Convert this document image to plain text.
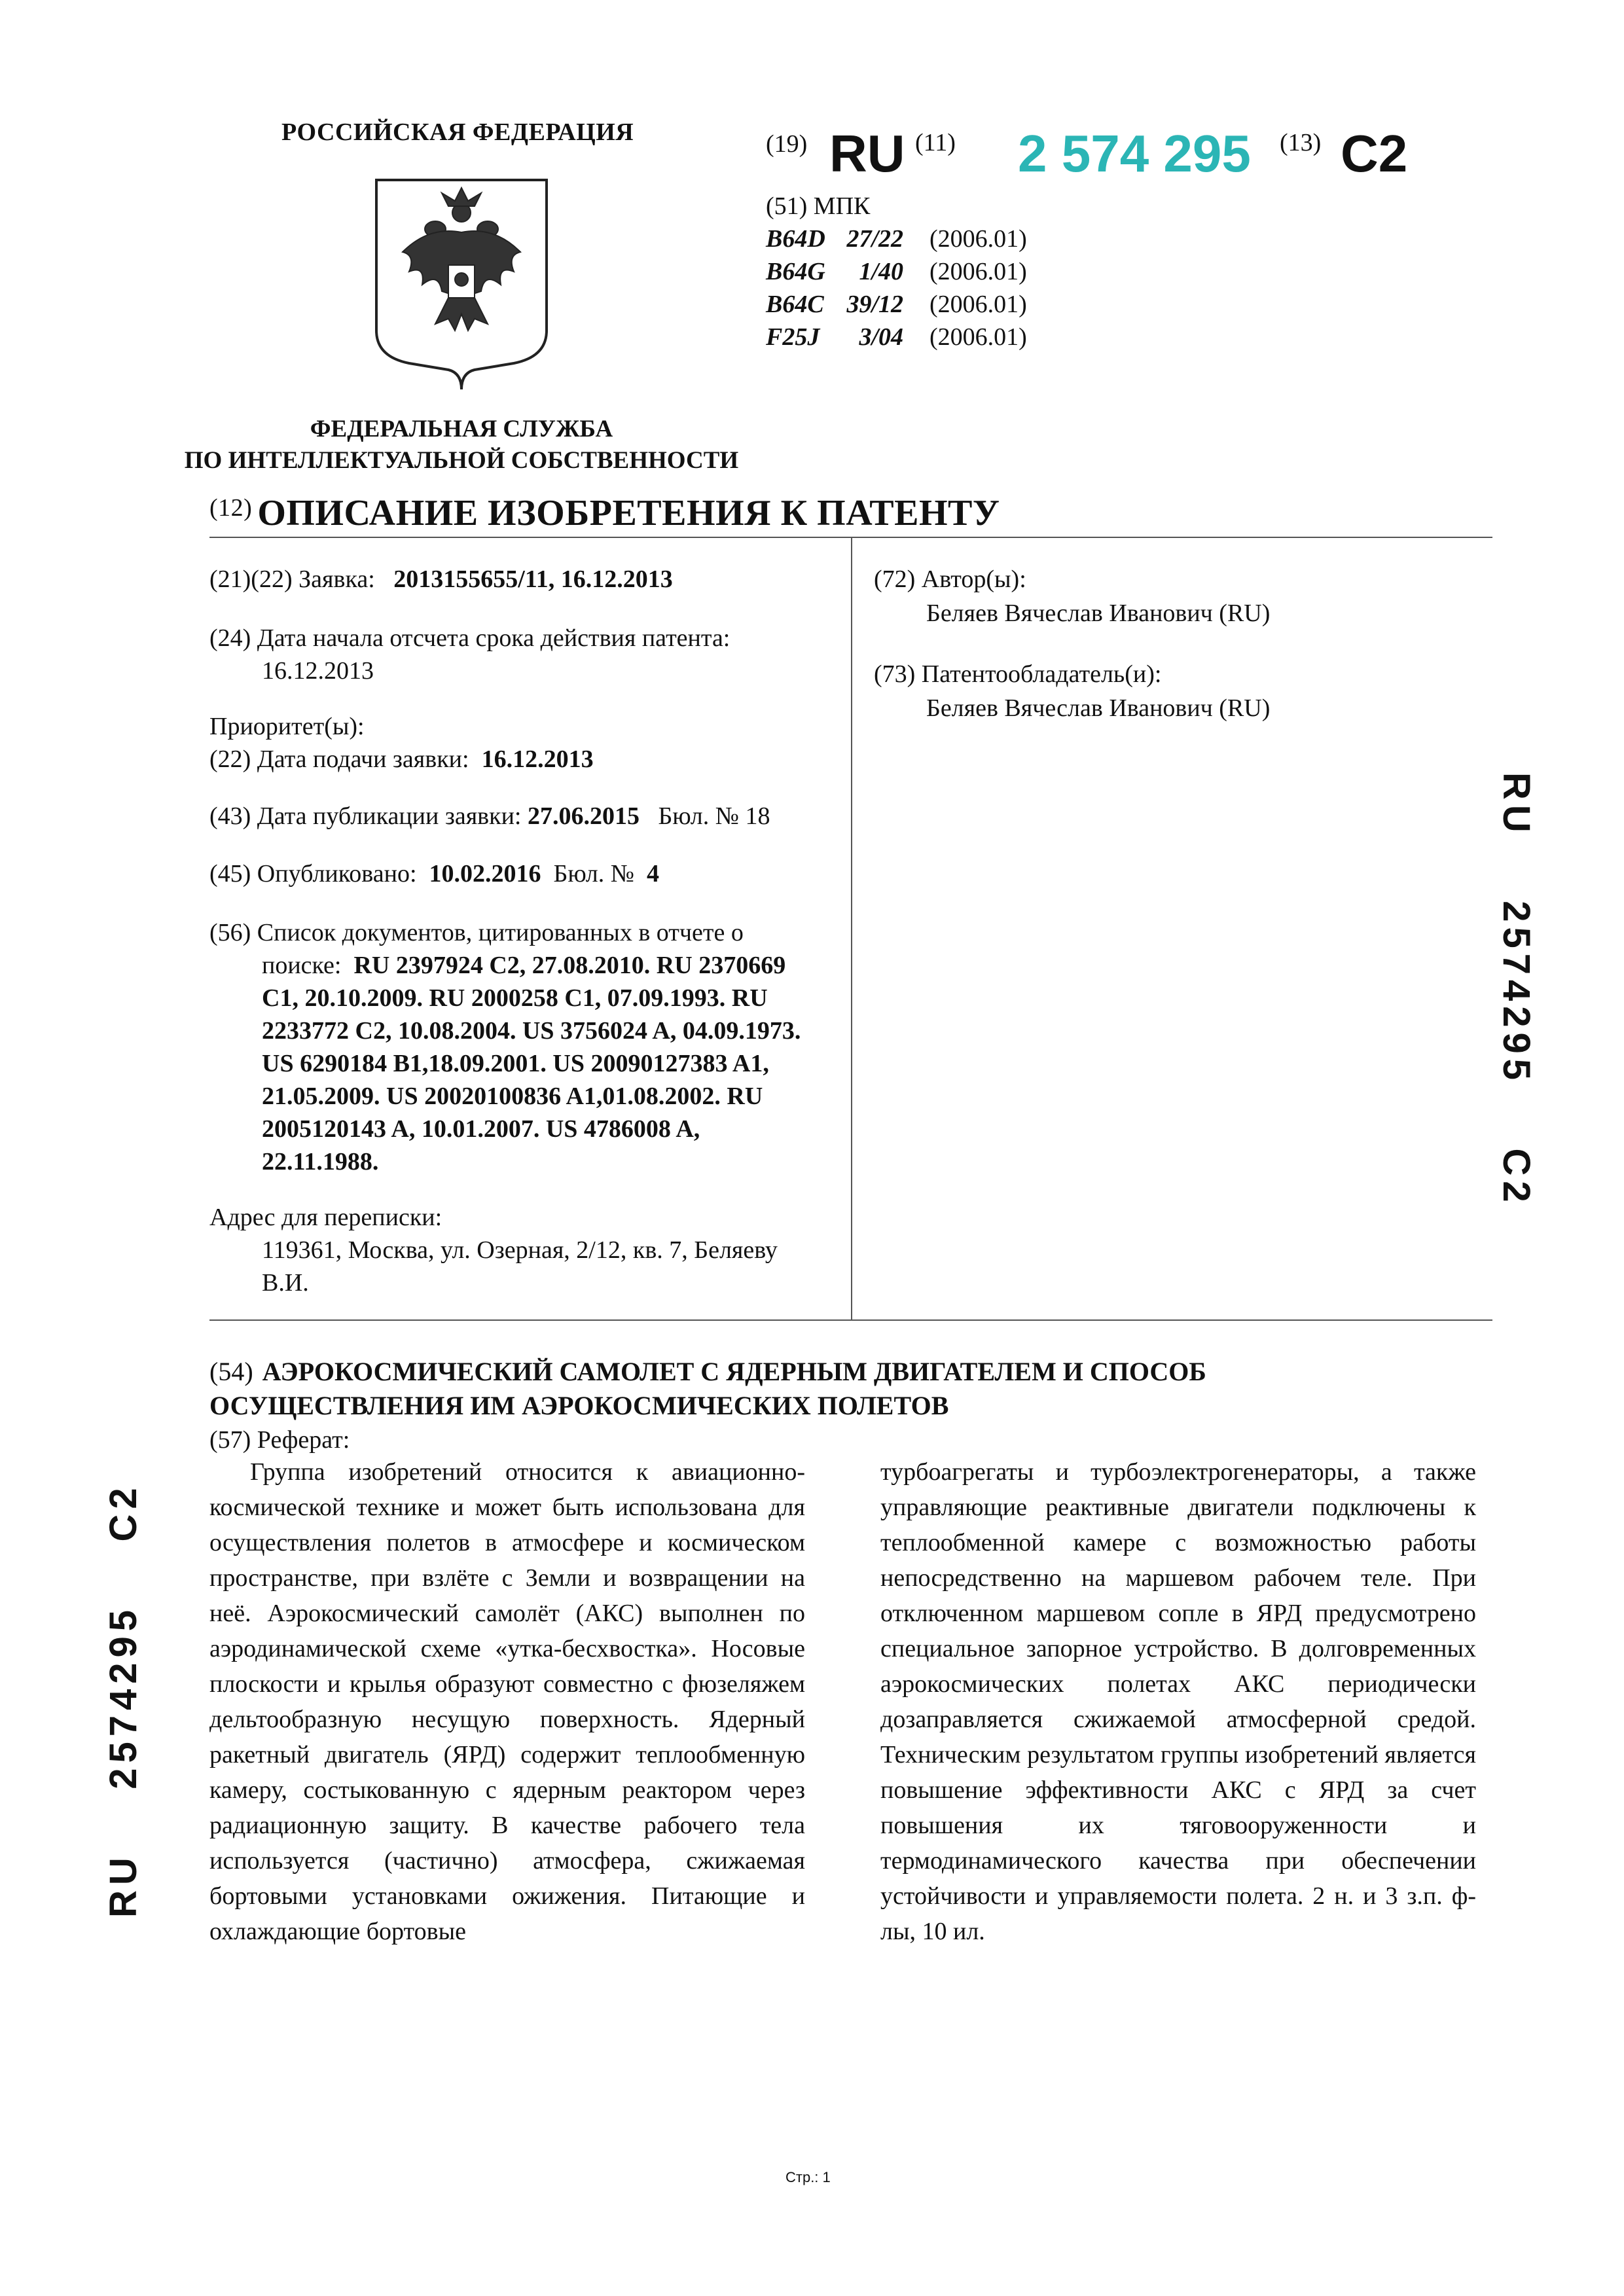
РОССИЙСКАЯ ФЕДЕРАЦИЯ
ФЕДЕРАЛЬНАЯ СЛУЖБА
ПО ИНТЕЛЛЕКТУАЛЬНОЙ СОБСТВЕННОСТИ
(19) RU (11) 2 574 295 (13) C2
(51) МПК
B64D 27/22 (2006.01)
B64G 1/40 (2006.01)
B64C 39/12 (2006.01)
F25J 3/04 (2006.01)
$^{(12)}$ ОПИСАНИЕ ИЗОБРЕТЕНИЯ К ПАТЕНТУ
(21)(22) Заявка: 2013155655/11, 16.12.2013
(24) Дата начала отсчета срока действия патента:
16.12.2013
Приоритет(ы):
(22) Дата подачи заявки: 16.12.2013
(43) Дата публикации заявки: 27.06.2015 Бюл. № 18
(45) Опубликовано: 10.02.2016 Бюл. № 4
(56) Список документов, цитированных в отчете о
поиске: RU 2397924 C2, 27.08.2010. RU 2370669
C1, 20.10.2009. RU 2000258 C1, 07.09.1993. RU
2233772 C2, 10.08.2004. US 3756024 A, 04.09.1973.
US 6290184 B1,18.09.2001. US 20090127383 A1,
21.05.2009. US 20020100836 A1,01.08.2002. RU
2005120143 A, 10.01.2007. US 4786008 A,
22.11.1988.
Адрес для переписки:
119361, Москва, ул. Озерная, 2/12, кв. 7, Беляеву
В.И.
(72) Автор(ы):
Беляев Вячеслав Иванович (RU)
(73) Патентообладатель(и):
Беляев Вячеслав Иванович (RU)
RU    2574295    C2
RU    2574295    C2
(54) АЭРОКОСМИЧЕСКИЙ САМОЛЕТ С ЯДЕРНЫМ ДВИГАТЕЛЕМ И СПОСОБ
ОСУЩЕСТВЛЕНИЯ ИМ АЭРОКОСМИЧЕСКИХ ПОЛЕТОВ
(57) Реферат:
Группа изобретений относится к авиационно-космической технике и может быть использована для осуществления полетов в атмосфере и космическом пространстве, при взлёте с Земли и возвращении на неё. Аэрокосмический самолёт (АКС) выполнен по аэродинамической схеме «утка-бесхвостка». Носовые плоскости и крылья образуют совместно с фюзеляжем дельтообразную несущую поверхность. Ядерный ракетный двигатель (ЯРД) содержит теплообменную камеру, состыкованную с ядерным реактором через радиационную защиту. В качестве рабочего тела используется (частично) атмосфера, сжижаемая бортовыми установками ожижения. Питающие и охлаждающие бортовые
турбоагрегаты и турбоэлектрогенераторы, а также управляющие реактивные двигатели подключены к теплообменной камере с возможностью работы непосредственно на маршевом рабочем теле. При отключенном маршевом сопле в ЯРД предусмотрено специальное запорное устройство. В долговременных аэрокосмических полетах АКС периодически дозаправляется сжижаемой атмосферной средой. Техническим результатом группы изобретений является повышение эффективности АКС с ЯРД за счет повышения их тяговооруженности и термодинамического качества при обеспечении устойчивости и управляемости полета. 2 н. и 3 з.п. ф-лы, 10 ил.
Стр.: 1
